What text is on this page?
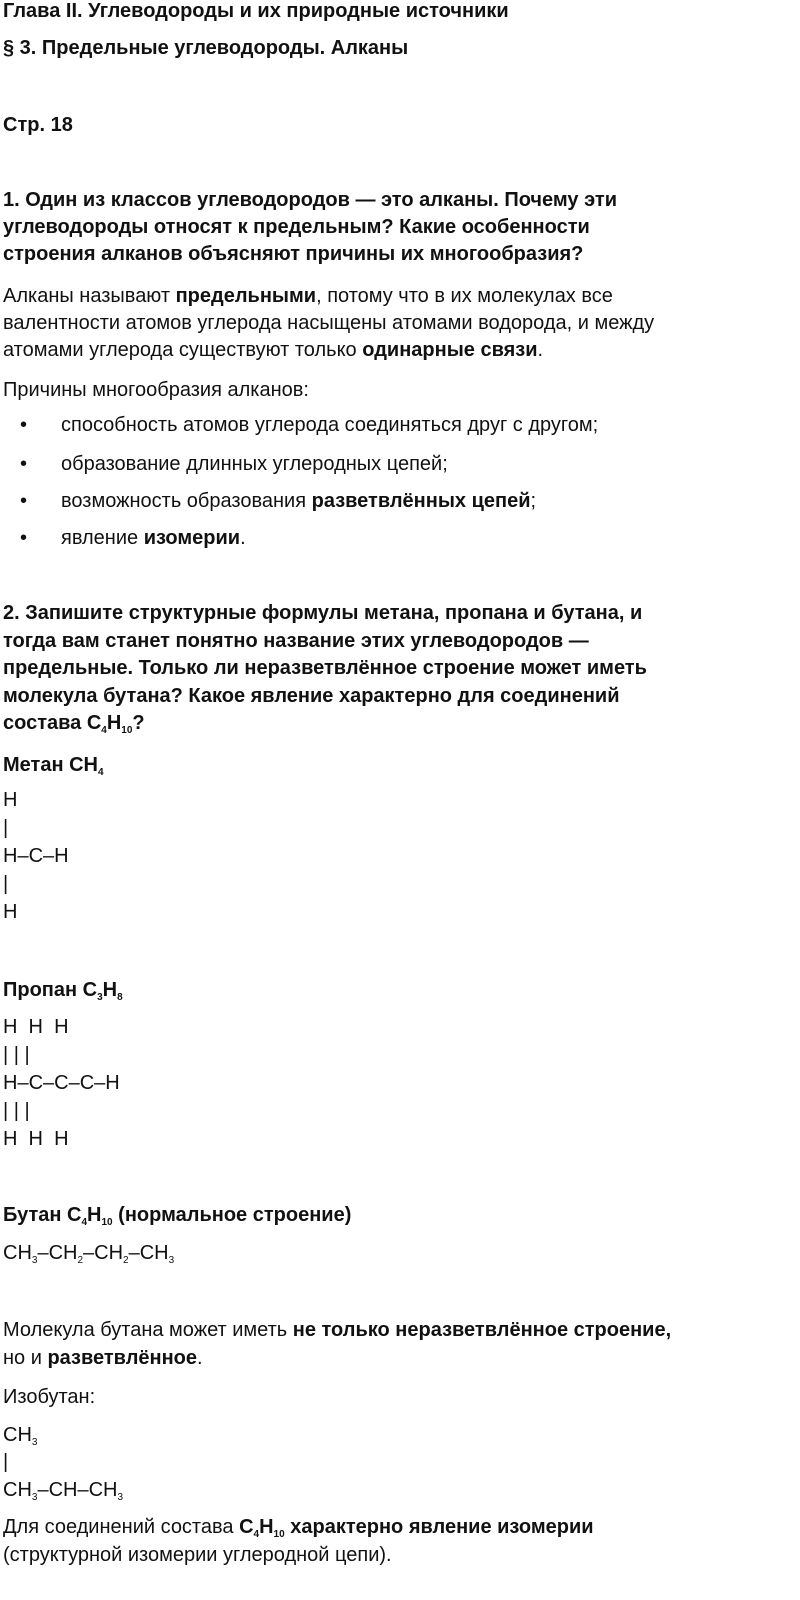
Глава II. Углеводороды и их природные источники
§ 3. Предельные углеводороды. Алканы
Стр. 18
1. Один из классов углеводородов — это алканы. Почему эти
углеводороды относят к предельным? Какие особенности
строения алканов объясняют причины их многообразия?
Алканы называют предельными, потому что в их молекулах все
валентности атомов углерода насыщены атомами водорода, и между
атомами углерода существуют только одинарные связи.
Причины многообразия алканов:
• способность атомов углерода соединяться друг с другом;
• образование длинных углеродных цепей;
• возможность образования разветвлённых цепей;
• явление изомерии.
2. Запишите структурные формулы метана, пропана и бутана, и
тогда вам станет понятно название этих углеводородов —
предельные. Только ли неразветвлённое строение может иметь
молекула бутана? Какое явление характерно для соединений
состава $C_4H_{10}$?
Метан $CH_4$
H
|
H–C–H
|
H
Пропан $C_3H_8$
H  H  H
| | |
H–C–C–C–H
| | |
H  H  H
Бутан $C_4H_{10}$ (нормальное строение)
$CH_3-CH_2-CH_2-CH_3$
Молекула бутана может иметь не только неразветвлённое строение,
но и разветвлённое.
Изобутан:
$CH_3$
|
$CH_3-CH-CH_3$
Для соединений состава $C_4H_{10}$ характерно явление изомерии
(структурной изомерии углеродной цепи).
